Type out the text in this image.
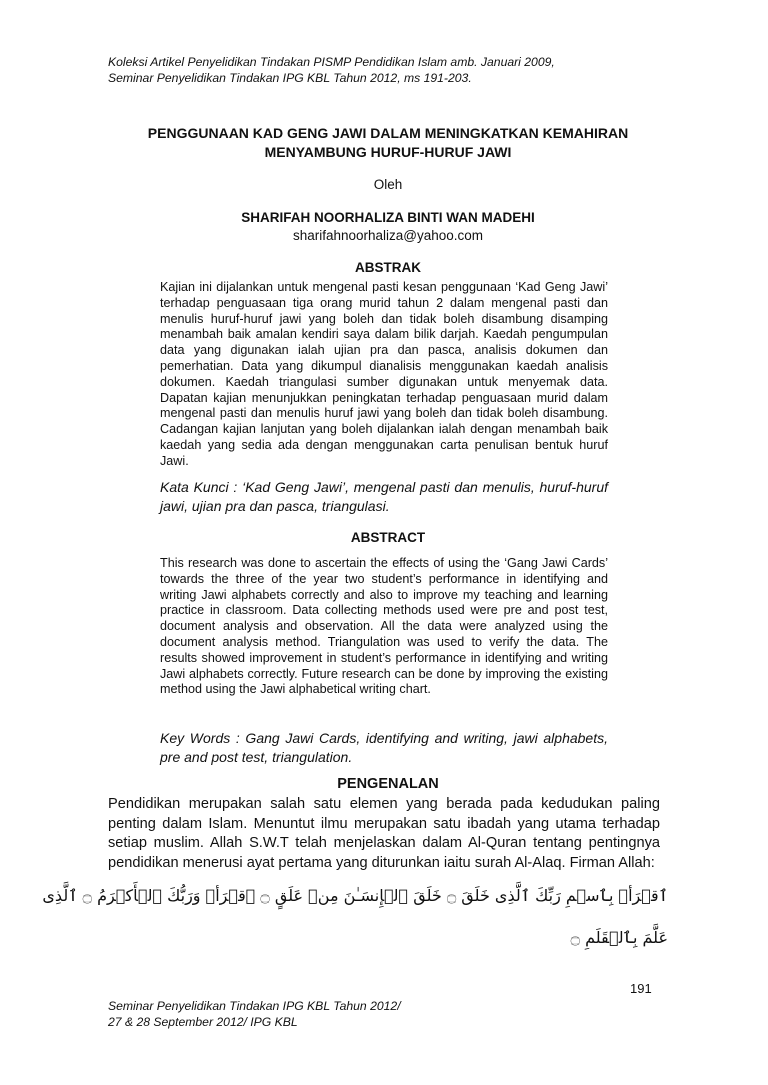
Koleksi Artikel Penyelidikan Tindakan PISMP Pendidikan Islam amb. Januari 2009,
Seminar Penyelidikan Tindakan IPG KBL Tahun 2012, ms 191-203.
PENGGUNAAN KAD GENG JAWI DALAM MENINGKATKAN KEMAHIRAN
MENYAMBUNG HURUF-HURUF JAWI
Oleh
SHARIFAH NOORHALIZA BINTI WAN MADEHI
sharifahnoorhaliza@yahoo.com
ABSTRAK
Kajian ini dijalankan untuk mengenal pasti kesan penggunaan ‘Kad Geng Jawi’ terhadap penguasaan tiga orang murid tahun 2 dalam mengenal pasti dan menulis huruf-huruf jawi yang boleh dan tidak boleh disambung disamping menambah baik amalan kendiri saya dalam bilik darjah. Kaedah pengumpulan data yang digunakan ialah ujian pra dan pasca, analisis dokumen dan pemerhatian. Data yang dikumpul dianalisis menggunakan kaedah analisis dokumen. Kaedah triangulasi sumber digunakan untuk menyemak data. Dapatan kajian menunjukkan peningkatan terhadap penguasaan murid dalam mengenal pasti dan menulis huruf jawi yang boleh dan tidak boleh disambung. Cadangan kajian lanjutan yang boleh dijalankan ialah dengan menambah baik kaedah yang sedia ada dengan menggunakan carta penulisan bentuk huruf Jawi.
Kata Kunci : ‘Kad Geng Jawi’, mengenal pasti dan menulis, huruf-huruf jawi, ujian pra dan pasca, triangulasi.
ABSTRACT
This research was done to ascertain the effects of using the ‘Gang Jawi Cards’ towards the three of the year two student’s performance in identifying and writing Jawi alphabets correctly and also to improve my teaching and learning practice in classroom. Data collecting methods used were pre and post test, document analysis and observation. All the data were analyzed using the document analysis method. Triangulation was used to verify the data. The results showed improvement in student’s performance in identifying and writing Jawi alphabets correctly. Future research can be done by improving the existing method using the Jawi alphabetical writing chart.
Key Words : Gang Jawi Cards, identifying and writing, jawi alphabets, pre and post test, triangulation.
PENGENALAN
Pendidikan merupakan salah satu elemen yang berada pada kedudukan paling penting dalam Islam. Menuntut ilmu merupakan satu ibadah yang utama terhadap setiap muslim. Allah S.W.T telah menjelaskan dalam Al-Quran tentang pentingnya pendidikan menerusi ayat pertama yang diturunkan iaitu surah Al-Alaq. Firman Allah:
ٱقۡرَأۡ بِٱسۡمِ رَبِّكَ ٱلَّذِى خَلَقَ ۝ خَلَقَ ٱلۡإِنسَـٰنَ مِنۡ عَلَقٍ ۝ ٱقۡرَأۡ وَرَبُّكَ ٱلۡأَكۡرَمُ ۝ ٱلَّذِى
عَلَّمَ بِٱلۡقَلَمِ ۝
191
Seminar Penyelidikan Tindakan IPG KBL Tahun 2012/
27 & 28 September 2012/ IPG KBL
